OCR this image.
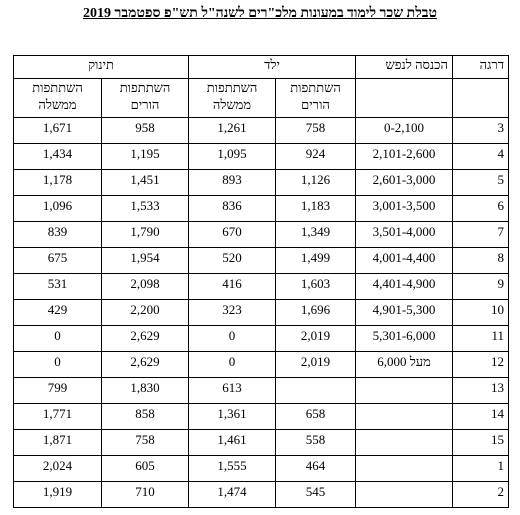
טבלת שכר לימוד במעונות מלכ"רים לשנה"ל תש"פ ספטמבר 2019
דרגה	הכנסה לנפש	ילד		תינוק	
		השתתפות הורים	השתתפות ממשלה	השתתפות הורים	השתתפות ממשלה
3	0-2,100	758	1,261	958	1,671
4	2,101-2,600	924	1,095	1,195	1,434
5	2,601-3,000	1,126	893	1,451	1,178
6	3,001-3,500	1,183	836	1,533	1,096
7	3,501-4,000	1,349	670	1,790	839
8	4,001-4,400	1,499	520	1,954	675
9	4,401-4,900	1,603	416	2,098	531
10	4,901-5,300	1,696	323	2,200	429
11	5,301-6,000	2,019	0	2,629	0
12	מעל 6,000	2,019	0	2,629	0
13			613	1,830	799
14		658	1,361	858	1,771
15		558	1,461	758	1,871
1		464	1,555	605	2,024
2		545	1,474	710	1,919
